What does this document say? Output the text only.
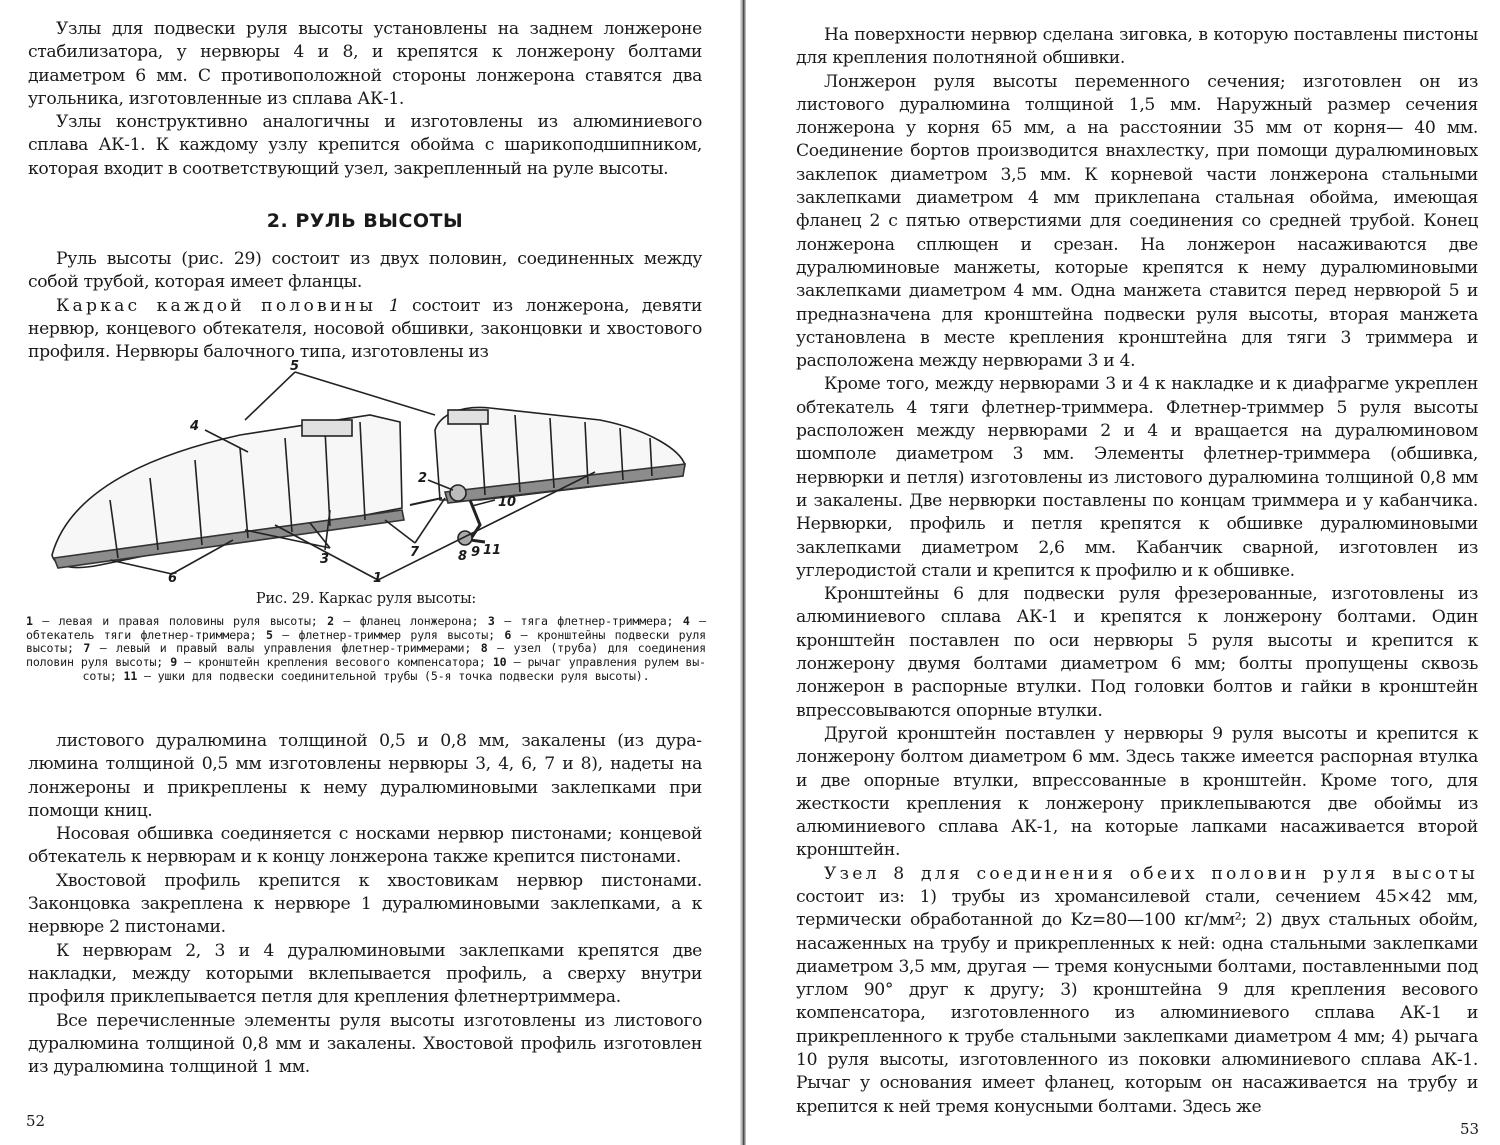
Узлы для подвески руля высоты установлены на заднем лонжероне стабилизатора, у нервюры 4 и 8, и крепятся к лонжерону болтами диаметром 6 мм. С противоположной стороны лонжерона ставятся два угольника, изготовленные из сплава АК-1.

Узлы конструктивно аналогичны и изготовлены из алюминиевого сплава АК-1. К каждому узлу крепится обойма с шарикоподшипником, которая входит в соответствующий узел, закрепленный на руле высоты.

2. РУЛЬ ВЫСОТЫ

Руль высоты (рис. 29) состоит из двух половин, соединенных между собой трубой, которая имеет фланцы.

Каркас каждой половины 1 состоит из лонжерона, девяти нервюр, концевого обтекателя, носовой обшивки, законцовки и хвостового профиля. Нервюры балочного типа, изготовлены из

5
4
2
10
3	7	8 9 11
1
6

Рис. 29. Каркас руля высоты:

1 — левая и правая половины руля высоты; 2 — фланец лонжерона; 3 — тяга флетнер-триммера; 4 — обтекатель тяги флетнер-триммера; 5 — флетнер-триммер руля высоты; 6 — кронштейны подвески руля высоты; 7 — левый и правый валы управления флетнер-триммерами; 8 — узел (труба) для соединения половин руля высоты; 9 — кронштейн крепления весового компенсатора; 10 — рычаг управления рулем высоты; 11 — ушки для подвески соединительной трубы (5-я точка подвески руля высоты).

листового дуралюмина толщиной 0,5 и 0,8 мм, закалены (из дуралюмина толщиной 0,5 мм изготовлены нервюры 3, 4, 6, 7 и 8), надеты на лонжероны и прикреплены к нему дуралюминовыми заклепками при помощи книц.

Носовая обшивка соединяется с носками нервюр пистонами; концевой обтекатель к нервюрам и к концу лонжерона также крепится пистонами.

Хвостовой профиль крепится к хвостовикам нервюр пистонами. Законцовка закреплена к нервюре 1 дуралюминовыми заклепками, а к нервюре 2 пистонами.

К нервюрам 2, 3 и 4 дуралюминовыми заклепками крепятся две накладки, между которыми вклепывается профиль, а сверху внутри профиля приклепывается петля для крепления флетнертриммера.

Все перечисленные элементы руля высоты изготовлены из листового дуралюмина толщиной 0,8 мм и закалены. Хвостовой профиль изготовлен из дуралюмина толщиной 1 мм.

52

На поверхности нервюр сделана зиговка, в которую поставлены пистоны для крепления полотняной обшивки.

Лонжерон руля высоты переменного сечения; изготовлен он из листового дуралюмина толщиной 1,5 мм. Наружный размер сечения лонжерона у корня 65 мм, а на расстоянии 35 мм от корня— 40 мм. Соединение бортов производится внахлестку, при помощи дуралюминовых заклепок диаметром 3,5 мм. К корневой части лонжерона стальными заклепками диаметром 4 мм приклепана стальная обойма, имеющая фланец 2 с пятью отверстиями для соединения со средней трубой. Конец лонжерона сплющен и срезан. На лонжерон насаживаются две дуралюминовые манжеты, которые крепятся к нему дуралюминовыми заклепками диаметром 4 мм. Одна манжета ставится перед нервюрой 5 и предназначена для кронштейна подвески руля высоты, вторая манжета установлена в месте крепления кронштейна для тяги 3 триммера и расположена между нервюрами 3 и 4.

Кроме того, между нервюрами 3 и 4 к накладке и к диафрагме укреплен обтекатель 4 тяги флетнер-триммера. Флетнер-триммер 5 руля высоты расположен между нервюрами 2 и 4 и вращается на дуралюминовом шомполе диаметром 3 мм. Элементы флетнер-триммера (обшивка, нервюрки и петля) изготовлены из листового дуралюмина толщиной 0,8 мм и закалены. Две нервюрки поставлены по концам триммера и у кабанчика. Нервюрки, профиль и петля крепятся к обшивке дуралюминовыми заклепками диаметром 2,6 мм. Кабанчик сварной, изготовлен из углеродистой стали и крепится к профилю и к обшивке.

Кронштейны 6 для подвески руля фрезерованные, изготовлены из алюминиевого сплава АК-1 и крепятся к лонжерону болтами. Один кронштейн поставлен по оси нервюры 5 руля высоты и крепится к лонжерону двумя болтами диаметром 6 мм; болты пропущены сквозь лонжерон в распорные втулки. Под головки болтов и гайки в кронштейн впрессовываются опорные втулки.

Другой кронштейн поставлен у нервюры 9 руля высоты и крепится к лонжерону болтом диаметром 6 мм. Здесь также имеется распорная втулка и две опорные втулки, впрессованные в кронштейн. Кроме того, для жесткости крепления к лонжерону приклепываются две обоймы из алюминиевого сплава АК-1, на которые лапками насаживается второй кронштейн.

Узел 8 для соединения обеих половин руля высоты состоит из: 1) трубы из хромансилевой стали, сечением 45×42 мм, термически обработанной до Kz=80—100 кг/мм²; 2) двух стальных обойм, насаженных на трубу и прикрепленных к ней: одна стальными заклепками диаметром 3,5 мм, другая — тремя конусными болтами, поставленными под углом 90° друг к другу; 3) кронштейна 9 для крепления весового компенсатора, изготовленного из алюминиевого сплава АК-1 и прикрепленного к трубе стальными заклепками диаметром 4 мм; 4) рычага 10 руля высоты, изготовленного из поковки алюминиевого сплава АК-1. Рычаг у основания имеет фланец, которым он насаживается на трубу и крепится к ней тремя конусными болтами. Здесь же

53
